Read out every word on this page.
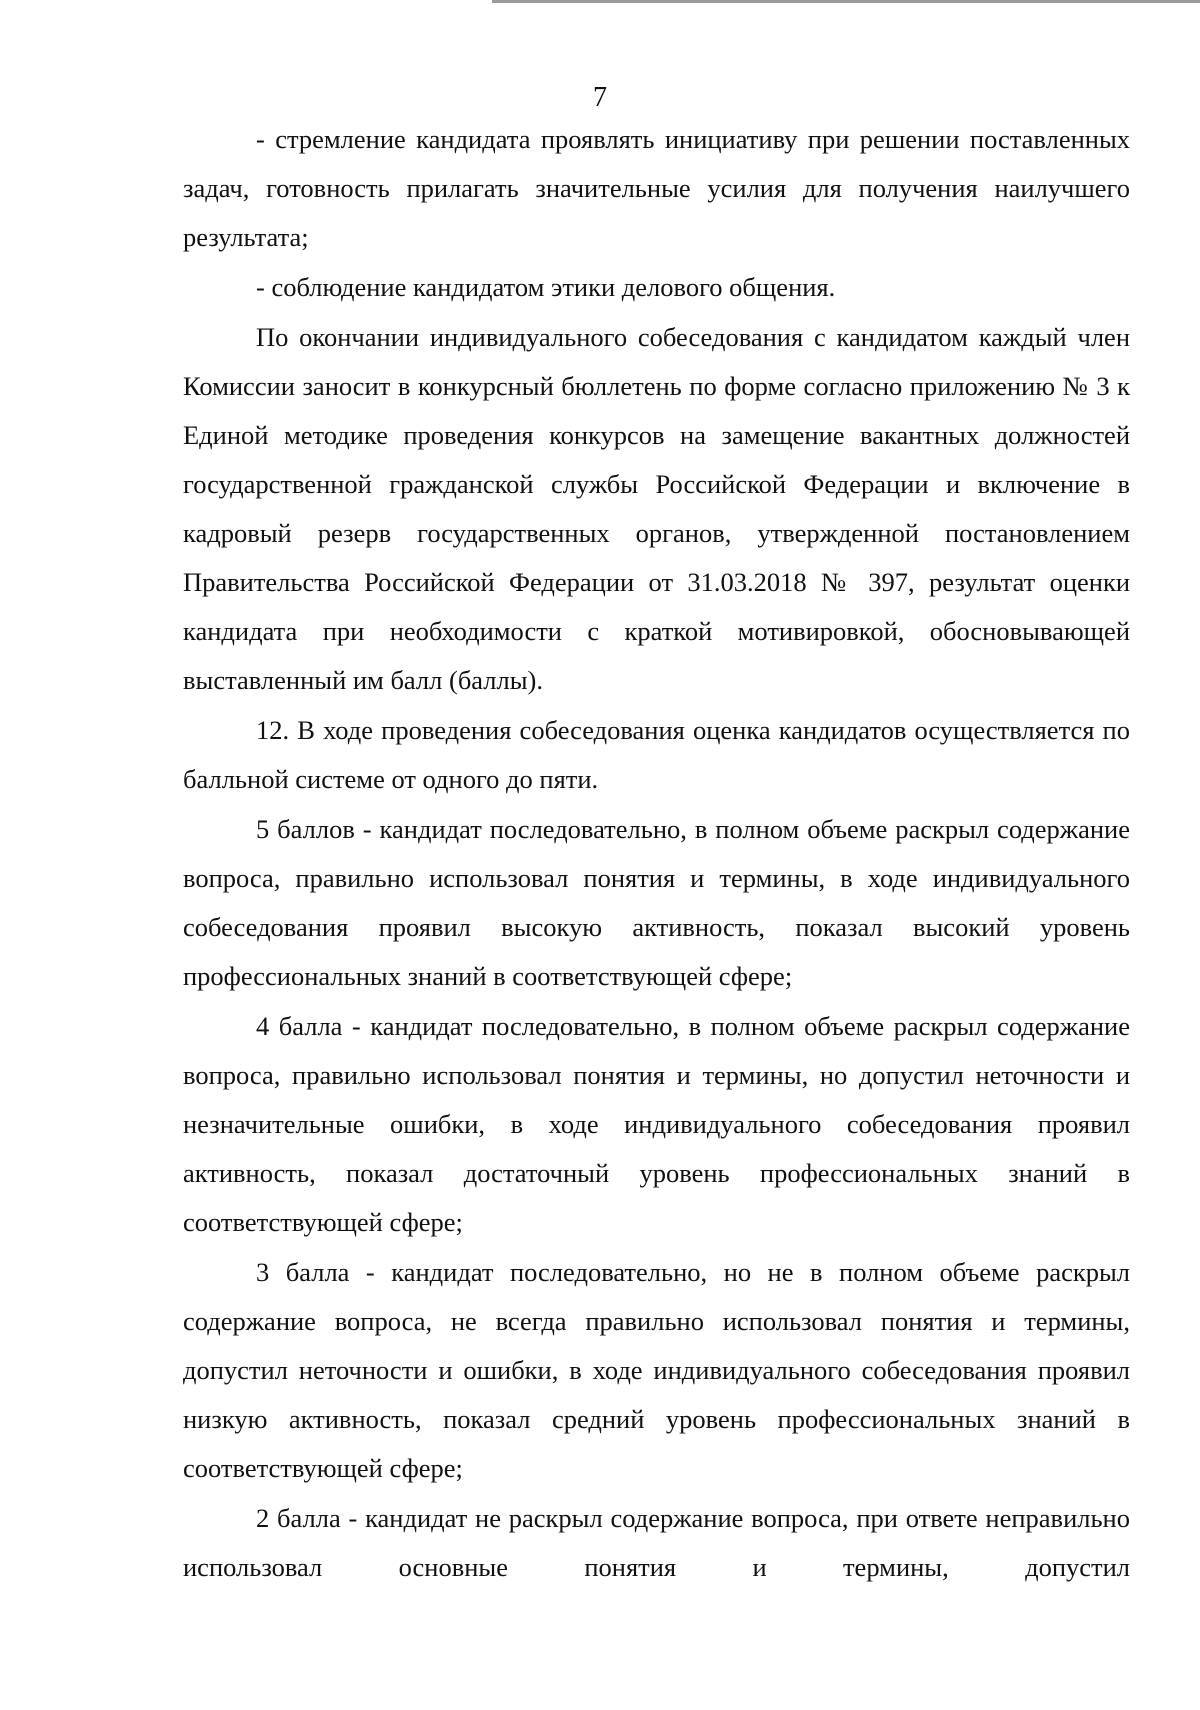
7

- стремление кандидата проявлять инициативу при решении поставленных задач, готовность прилагать значительные усилия для получения наилучшего результата;

- соблюдение кандидатом этики делового общения.

По окончании индивидуального собеседования с кандидатом каждый член Комиссии заносит в конкурсный бюллетень по форме согласно приложению № 3 к Единой методике проведения конкурсов на замещение вакантных должностей государственной гражданской службы Российской Федерации и включение в кадровый резерв государственных органов, утвержденной постановлением Правительства Российской Федерации от 31.03.2018 № 397, результат оценки кандидата при необходимости с краткой мотивировкой, обосновывающей выставленный им балл (баллы).

12. В ходе проведения собеседования оценка кандидатов осуществляется по балльной системе от одного до пяти.

5 баллов - кандидат последовательно, в полном объеме раскрыл содержание вопроса, правильно использовал понятия и термины, в ходе индивидуального собеседования проявил высокую активность, показал высокий уровень профессиональных знаний в соответствующей сфере;

4 балла - кандидат последовательно, в полном объеме раскрыл содержание вопроса, правильно использовал понятия и термины, но допустил неточности и незначительные ошибки, в ходе индивидуального собеседования проявил активность, показал достаточный уровень профессиональных знаний в соответствующей сфере;

3 балла - кандидат последовательно, но не в полном объеме раскрыл содержание вопроса, не всегда правильно использовал понятия и термины, допустил неточности и ошибки, в ходе индивидуального собеседования проявил низкую активность, показал средний уровень профессиональных знаний в соответствующей сфере;

2 балла - кандидат не раскрыл содержание вопроса, при ответе неправильно использовал основные понятия и термины, допустил
